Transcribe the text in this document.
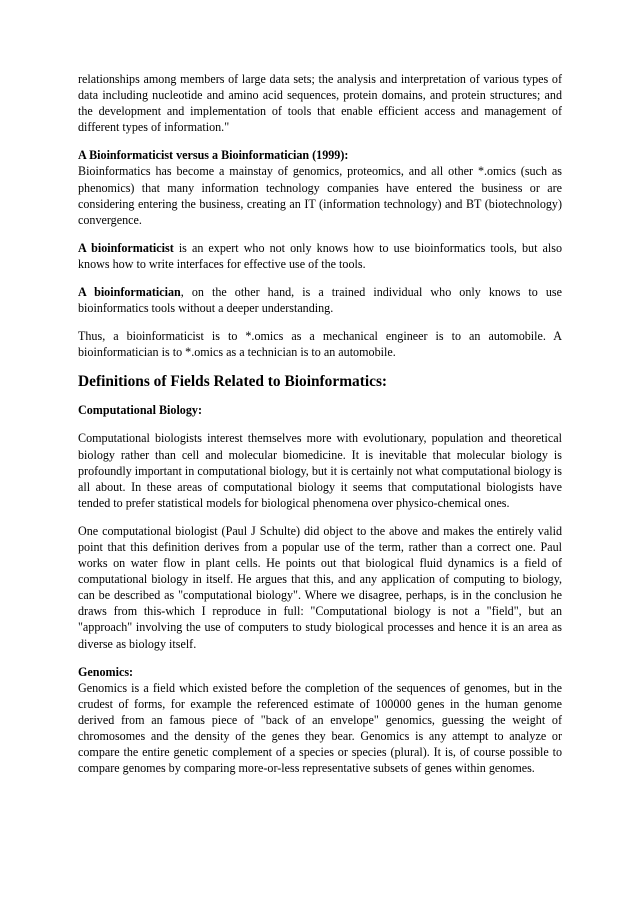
relationships among members of large data sets; the analysis and interpretation of various types of data including nucleotide and amino acid sequences, protein domains, and protein structures; and the development and implementation of tools that enable efficient access and management of different types of information."

A Bioinformaticist versus a Bioinformatician (1999):

Bioinformatics has become a mainstay of genomics, proteomics, and all other *.omics (such as phenomics) that many information technology companies have entered the business or are considering entering the business, creating an IT (information technology) and BT (biotechnology) convergence.

A bioinformaticist is an expert who not only knows how to use bioinformatics tools, but also knows how to write interfaces for effective use of the tools.

A bioinformatician, on the other hand, is a trained individual who only knows to use bioinformatics tools without a deeper understanding.

Thus, a bioinformaticist is to *.omics as a mechanical engineer is to an automobile. A bioinformatician is to *.omics as a technician is to an automobile.

Definitions of Fields Related to Bioinformatics:
Computational Biology:

Computational biologists interest themselves more with evolutionary, population and theoretical biology rather than cell and molecular biomedicine. It is inevitable that molecular biology is profoundly important in computational biology, but it is certainly not what computational biology is all about. In these areas of computational biology it seems that computational biologists have tended to prefer statistical models for biological phenomena over physico-chemical ones.

One computational biologist (Paul J Schulte) did object to the above and makes the entirely valid point that this definition derives from a popular use of the term, rather than a correct one. Paul works on water flow in plant cells. He points out that biological fluid dynamics is a field of computational biology in itself. He argues that this, and any application of computing to biology, can be described as "computational biology". Where we disagree, perhaps, is in the conclusion he draws from this-which I reproduce in full: "Computational biology is not a "field", but an "approach" involving the use of computers to study biological processes and hence it is an area as diverse as biology itself.

Genomics:

Genomics is a field which existed before the completion of the sequences of genomes, but in the crudest of forms, for example the referenced estimate of 100000 genes in the human genome derived from an famous piece of "back of an envelope" genomics, guessing the weight of chromosomes and the density of the genes they bear. Genomics is any attempt to analyze or compare the entire genetic complement of a species or species (plural). It is, of course possible to compare genomes by comparing more-or-less representative subsets of genes within genomes.
